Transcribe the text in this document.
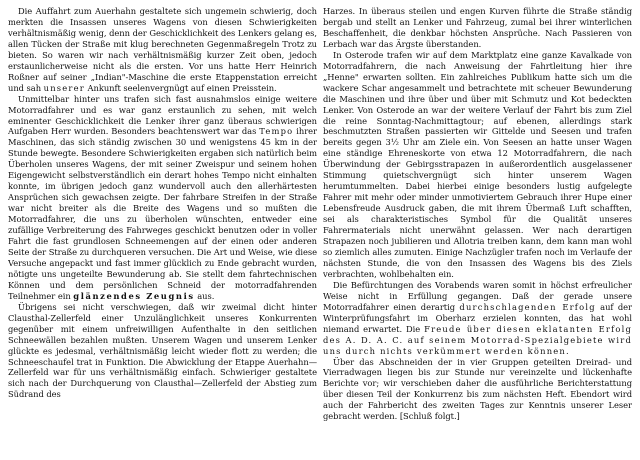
Die Auffahrt zum Auerhahn gestaltete sich ungemein schwierig, doch merkten die Insassen unseres Wagens von diesen Schwierigkeiten verhältnismäßig wenig, denn der Geschicklichkeit des Lenkers gelang es, allen Tücken der Straße mit klug berechneten Gegenmaßregeln Trotz zu bieten. So waren wir nach verhältnismäßig kurzer Zeit oben, jedoch erstaunlicherweise nicht als die ersten. Vor uns hatte Herr Heinrich Roßner auf seiner „Indian"-Maschine die erste Etappenstation erreicht und sah unserer Ankunft seelenvergnügt auf einen Preisstein.

Unmittelbar hinter uns trafen sich fast ausnahmslos einige weitere Motorradfahrer und es war ganz erstaunlich zu sehen, mit welch eminenter Geschicklichkeit die Lenker ihrer ganz überaus schwierigen Aufgaben Herr wurden. Besonders beachtenswert war das Tempo ihrer Maschinen, das sich ständig zwischen 30 und wenigstens 45 km in der Stunde bewegte. Besondere Schwierigkeiten ergaben sich natürlich beim Überholen unseres Wagens, der mit seiner Zweispur und seinem hohen Eigengewicht selbstverständlich ein derart hohes Tempo nicht einhalten konnte, im übrigen jedoch ganz wundervoll auch den allerhärtesten Ansprüchen sich gewachsen zeigte. Der fahrbare Streifen in der Straße war nicht breiter als die Breite des Wagens und so mußten die Motorradfahrer, die uns zu überholen wünschten, entweder eine zufällige Verbreiterung des Fahrweges geschickt benutzen oder in voller Fahrt die fast grundlosen Schneemengen auf der einen oder anderen Seite der Straße zu durchqueren versuchen. Die Art und Weise, wie diese Versuche angepackt und fast immer glücklich zu Ende gebracht wurden, nötigte uns ungeteilte Bewunderung ab. Sie stellt dem fahrtechnischen Können und dem persönlichen Schneid der motorradfahrenden Teilnehmer ein glänzendes Zeugnis aus.

Übrigens sei nicht verschwiegen, daß wir zweimal dicht hinter Clausthal-Zellerfeld einer Unzulänglichkeit unseres Konkurrenten gegenüber mit einem unfreiwilligen Aufenthalte in den seitlichen Schneewällen bezahlen mußten. Unserem Wagen und unserem Lenker glückte es jedesmal, verhältnismäßig leicht wieder flott zu werden; die Schneeschaufel trat in Funktion. Die Abwicklung der Etappe Auerhahn—Zellerfeld war für uns verhältnismäßig einfach. Schwieriger gestaltete sich nach der Durchquerung von Clausthal—Zellerfeld der Abstieg zum Südrand des

Harzes. In überaus steilen und engen Kurven führte die Straße ständig bergab und stellt an Lenker und Fahrzeug, zumal bei ihrer winterlichen Beschaffenheit, die denkbar höchsten Ansprüche. Nach Passieren von Lerbach war das Ärgste überstanden.

In Osterode trafen wir auf dem Marktplatz eine ganze Kavalkade von Motorradfahrern, die nach Anweisung der Fahrtleitung hier ihre „Henne" erwarten sollten. Ein zahlreiches Publikum hatte sich um die wackere Schar angesammelt und betrachtete mit scheuer Bewunderung die Maschinen und ihre über und über mit Schmutz und Kot bedeckten Lenker. Von Osterode an war der weitere Verlauf der Fahrt bis zum Ziel die reine Sonntag-Nachmittagtour; auf ebenen, allerdings stark beschmutzten Straßen passierten wir Gittelde und Seesen und trafen bereits gegen 3½ Uhr am Ziele ein. Von Seesen an hatte unser Wagen eine ständige Ehreneskorte von etwa 12 Motorradfahrern, die nach Überwindung der Gebirgsstrapazen in außerordentlich ausgelassener Stimmung quietschvergnügt sich hinter unserem Wagen herumtummelten. Dabei hierbei einige besonders lustig aufgelegte Fahrer mit mehr oder minder unmotiviertem Gebrauch ihrer Hupe einer Lebensfreude Ausdruck gaben, die mit ihrem Übermaß Luft schafften, sei als charakteristisches Symbol für die Qualität unseres Fahrermaterials nicht unerwähnt gelassen. Wer nach derartigen Strapazen noch jubilieren und Allotria treiben kann, dem kann man wohl so ziemlich alles zumuten. Einige Nachzügler trafen noch im Verlaufe der nächsten Stunde, die von den Insassen des Wagens bis des Ziels verbrachten, wohlbehalten ein.

Die Befürchtungen des Vorabends waren somit in höchst erfreulicher Weise nicht in Erfüllung gegangen. Daß der gerade unsere Motorradfahrer einen derartig durchschlagenden Erfolg auf der Winterprüfungsfahrt im Oberharz erzielen konnten, das hat wohl niemand erwartet. Die Freude über diesen eklatanten Erfolg des A. D. A. C. auf seinem Motorrad-Spezialgebiete wird uns durch nichts verkümmert werden können.

Über das Abschneiden der in vier Gruppen geteilten Dreirad- und Vierradwagen liegen bis zur Stunde nur vereinzelte und lückenhafte Berichte vor; wir verschieben daher die ausführliche Berichterstattung über diesen Teil der Konkurrenz bis zum nächsten Heft. Ebendort wird auch der Fahrbericht des zweiten Tages zur Kenntnis unserer Leser gebracht werden. [Schluß folgt.]
